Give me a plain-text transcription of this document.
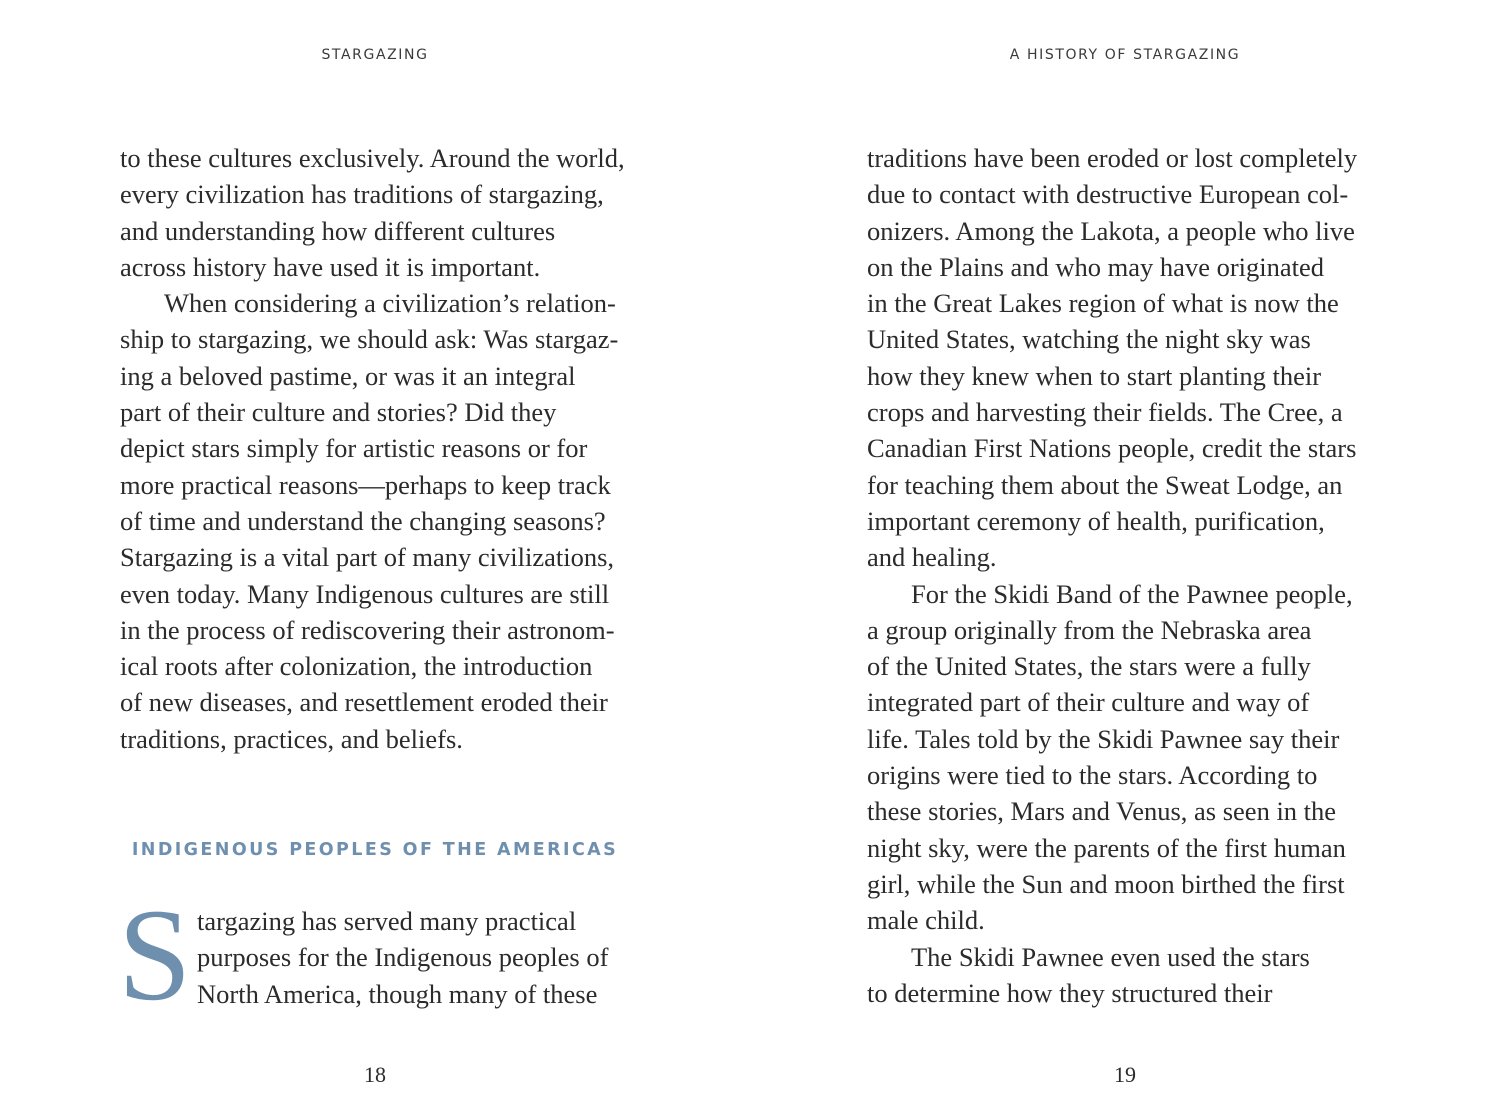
STARGAZING
to these cultures exclusively. Around the world,
every civilization has traditions of stargazing,
and understanding how different cultures
across history have used it is important.
When considering a civilization’s relation-
ship to stargazing, we should ask: Was stargaz-
ing a beloved pastime, or was it an integral
part of their culture and stories? Did they
depict stars simply for artistic reasons or for
more practical reasons—perhaps to keep track
of time and understand the changing seasons?
Stargazing is a vital part of many civilizations,
even today. Many Indigenous cultures are still
in the process of rediscovering their astronom-
ical roots after colonization, the introduction
of new diseases, and resettlement eroded their
traditions, practices, and beliefs.
INDIGENOUS PEOPLES OF THE AMERICAS
S targazing has served many practical
purposes for the Indigenous peoples of
North America, though many of these
18
A HISTORY OF STARGAZING
traditions have been eroded or lost completely
due to contact with destructive European col-
onizers. Among the Lakota, a people who live
on the Plains and who may have originated
in the Great Lakes region of what is now the
United States, watching the night sky was
how they knew when to start planting their
crops and harvesting their fields. The Cree, a
Canadian First Nations people, credit the stars
for teaching them about the Sweat Lodge, an
important ceremony of health, purification,
and healing.
For the Skidi Band of the Pawnee people,
a group originally from the Nebraska area
of the United States, the stars were a fully
integrated part of their culture and way of
life. Tales told by the Skidi Pawnee say their
origins were tied to the stars. According to
these stories, Mars and Venus, as seen in the
night sky, were the parents of the first human
girl, while the Sun and moon birthed the first
male child.
The Skidi Pawnee even used the stars
to determine how they structured their
19
